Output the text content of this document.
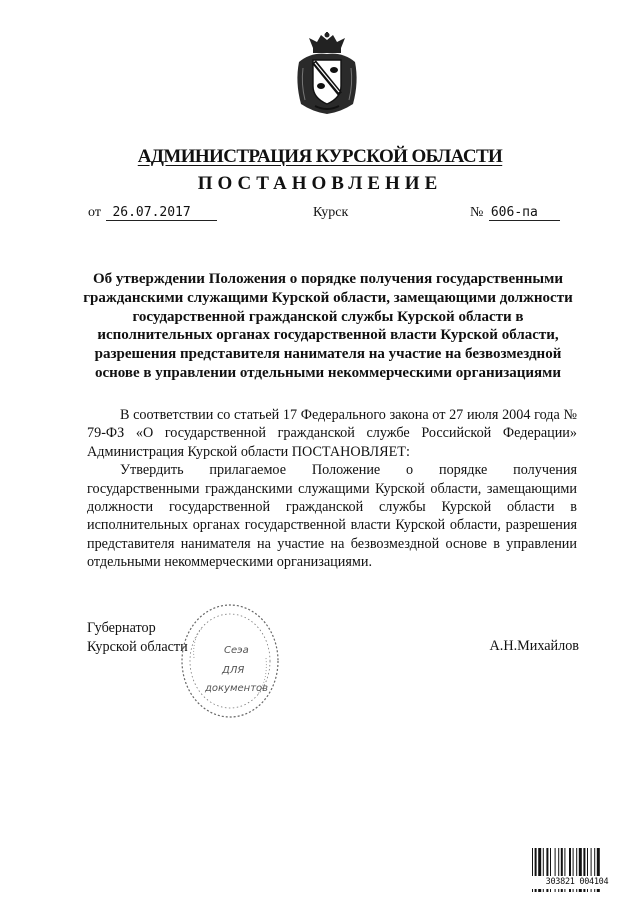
АДМИНИСТРАЦИЯ КУРСКОЙ ОБЛАСТИ
ПОСТАНОВЛЕНИЕ
от 26.07.2017	Курск	№ 606-па
Об утверждении Положения о порядке получения государственными гражданскими служащими Курской области, замещающими должности государственной гражданской службы Курской области в исполнительных органах государственной власти Курской области, разрешения представителя нанимателя на участие на безвозмездной основе в управлении отдельными некоммерческими организациями

В соответствии со статьей 17 Федерального закона от 27 июля 2004 года № 79-ФЗ «О государственной гражданской службе Российской Федерации» Администрация Курской области ПОСТАНОВЛЯЕТ:

Утвердить прилагаемое Положение о порядке получения государственными гражданскими служащими Курской области, замещающими должности государственной гражданской службы Курской области в исполнительных органах государственной власти Курской области, разрешения представителя нанимателя на участие на безвозмездной основе в управлении отдельными некоммерческими организациями.

Губернатор
Курской области	А.Н.Михайлов
Сеэа
ДЛЯ
документов
303821 004104
